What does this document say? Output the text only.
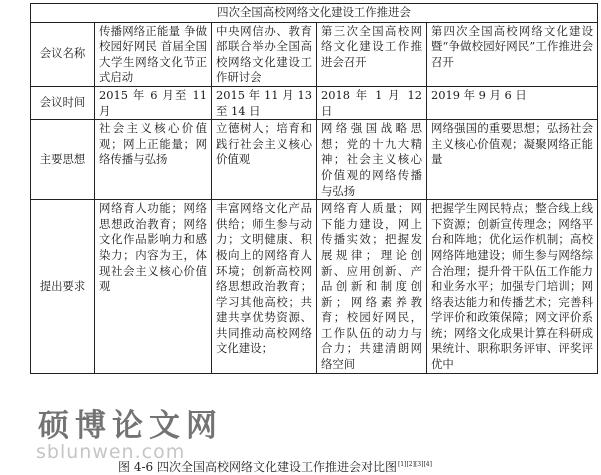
四次全国高校网络文化建设工作推进会				
会议名称	传播网络正能量 争做校园好网民 首届全国大学生网络文化节正式启动	中央网信办、教育部联合举办全国高校网络文化建设工作研讨会	第三次全国高校网络文化建设工作推进会召开	第四次全国高校网络文化建设暨“争做校园好网民”工作推进会召开
会议时间	2015 年 6 月至 11 月	2015 年 11 月 13 至 14 日	2018 年 1 月 12 日	2019 年 9 月 6 日
主要思想	社会主义核心价值观；网上正能量；网络传播与弘扬	立德树人；培育和践行社会主义核心价值观	网络强国战略思想；党的十九大精神；社会主义核心价值观的网络传播与弘扬	网络强国的重要思想；弘扬社会主义核心价值观；凝聚网络正能量
提出要求	网络育人功能；网络思想政治教育；网络文化作品影响力和感染力；内容为王，体现社会主义核心价值观	丰富网络文化产品供给；师生参与动力；文明健康、积极向上的网络育人环境；创新高校网络思想政治教育；学习其他高校；共建共享优势资源、共同推动高校网络文化建设；	网络育人质量；网下能力建设，网上传播实效；把握发展规律；理论创新、应用创新、产品创新和制度创新；网络素养教育；校园好网民，工作队伍的动力与合力；共建清朗网络空间	把握学生网民特点；整合线上线下资源；创新宣传理念；网络平台和阵地；优化运作机制；高校网络阵地建设；师生参与网络综合治理；提升骨干队伍工作能力和业务水平；加强专门培训；网络表达能力和传播艺术；完善科学评价和政策保障；网文评价系统；网络文化成果计算在科研成果统计、职称职务评审、评奖评优中
硕博论文网
sblunwen.com
图 4-6 四次全国高校网络文化建设工作推进会对比图[1][2][3][4]
